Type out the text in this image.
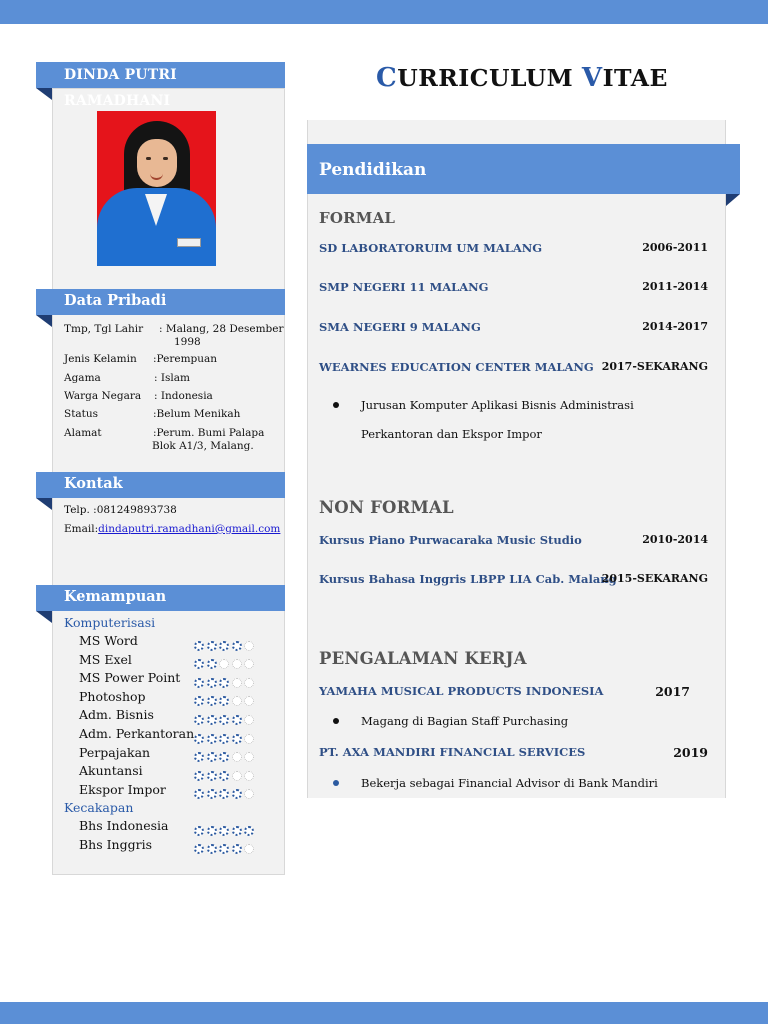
DINDA PUTRI RAMADHANI
Data Pribadi
Tmp, Tgl Lahir : Malang, 28 Desember
1998
Jenis Kelamin :Perempuan
Agama	: Islam
Warga Negara : Indonesia
Status	:Belum Menikah
Alamat	:Perum. Bumi Palapa
Blok A1/3, Malang.
Kontak
Telp. :081249893738
Email:dindaputri.ramadhani@gmail.com
Kemampuan
Komputerisasi
MS Word
MS Exel
MS Power Point
Photoshop
Adm. Bisnis
Adm. Perkantoran
Perpajakan
Akuntansi
Ekspor Impor
Kecakapan
Bhs Indonesia
Bhs Inggris
CURRICULUM VITAE
Pendidikan
FORMAL
SD LABORATORUIM UM MALANG	2006-2011
SMP NEGERI 11 MALANG	2011-2014
SMA NEGERI 9 MALANG	2014-2017
WEARNES EDUCATION CENTER MALANG 2017-SEKARANG
Jurusan Komputer Aplikasi Bisnis Administrasi
Perkantoran dan Ekspor Impor
NON FORMAL
Kursus Piano Purwacaraka Music Studio	2010-2014
Kursus Bahasa Inggris LBPP LIA Cab. Malang
2015-SEKARANG
PENGALAMAN KERJA
YAMAHA MUSICAL PRODUCTS INDONESIA	2017
Magang di Bagian Staff Purchasing
PT. AXA MANDIRI FINANCIAL SERVICES	2019
Bekerja sebagai Financial Advisor di Bank Mandiri
